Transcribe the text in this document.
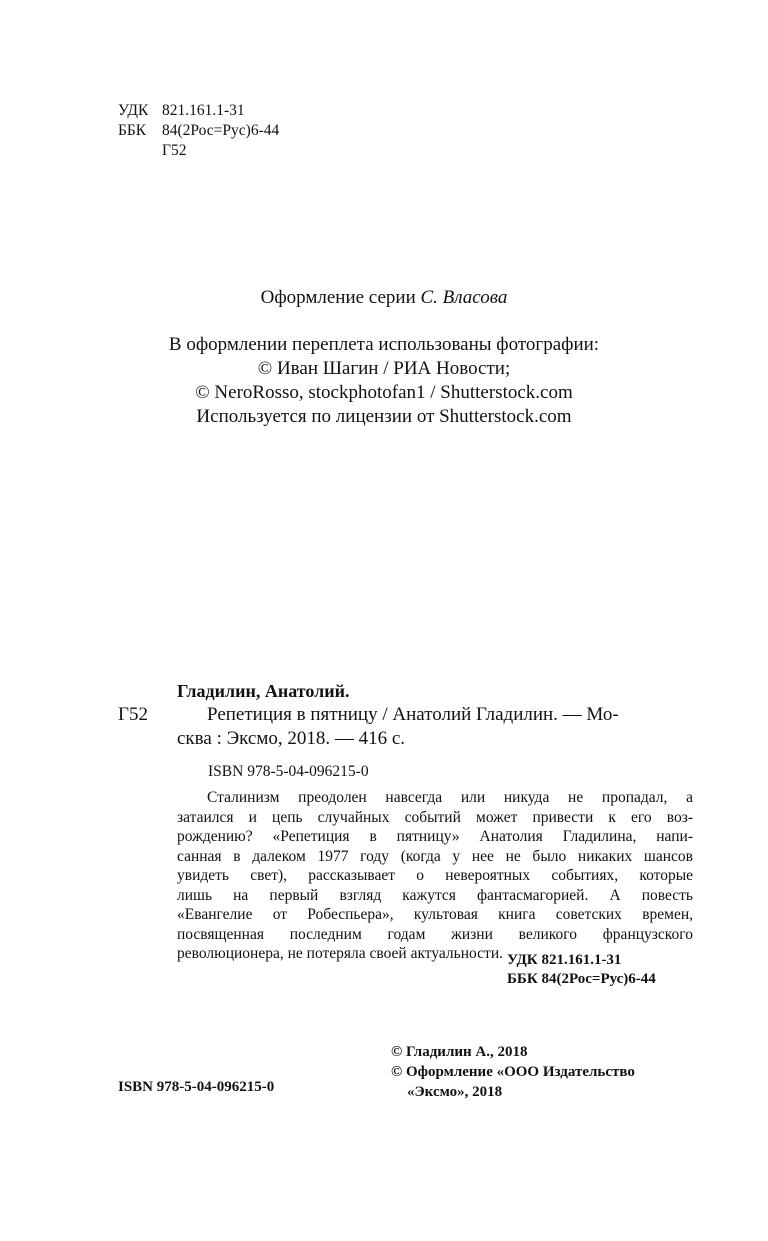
УДК 821.161.1-31
ББК 84(2Рос=Рус)6-44
Г52
Оформление серии С. Власова
В оформлении переплета использованы фотографии:
© Иван Шагин / РИА Новости;
© NeroRosso, stockphotofan1 / Shutterstock.com
Используется по лицензии от Shutterstock.com
Гладилин, Анатолий.
Г52	Репетиция в пятницу / Анатолий Гладилин. — Мо-
сква : Эксмо, 2018. — 416 с.
ISBN 978-5-04-096215-0
Сталинизм преодолен навсегда или никуда не пропадал, а
затаился и цепь случайных событий может привести к его воз-
рождению? «Репетиция в пятницу» Анатолия Гладилина, напи-
санная в далеком 1977 году (когда у нее не было никаких шансов
увидеть свет), рассказывает о невероятных событиях, которые
лишь на первый взгляд кажутся фантасмагорией. А повесть
«Евангелие от Робеспьера», культовая книга советских времен,
посвященная последним годам жизни великого французского
революционера, не потеряла своей актуальности. УДК 821.161.1-31
ББК 84(2Рос=Рус)6-44
© Гладилин А., 2018
© Оформление «ООО Издательство
«Эксмо», 2018
ISBN 978-5-04-096215-0
